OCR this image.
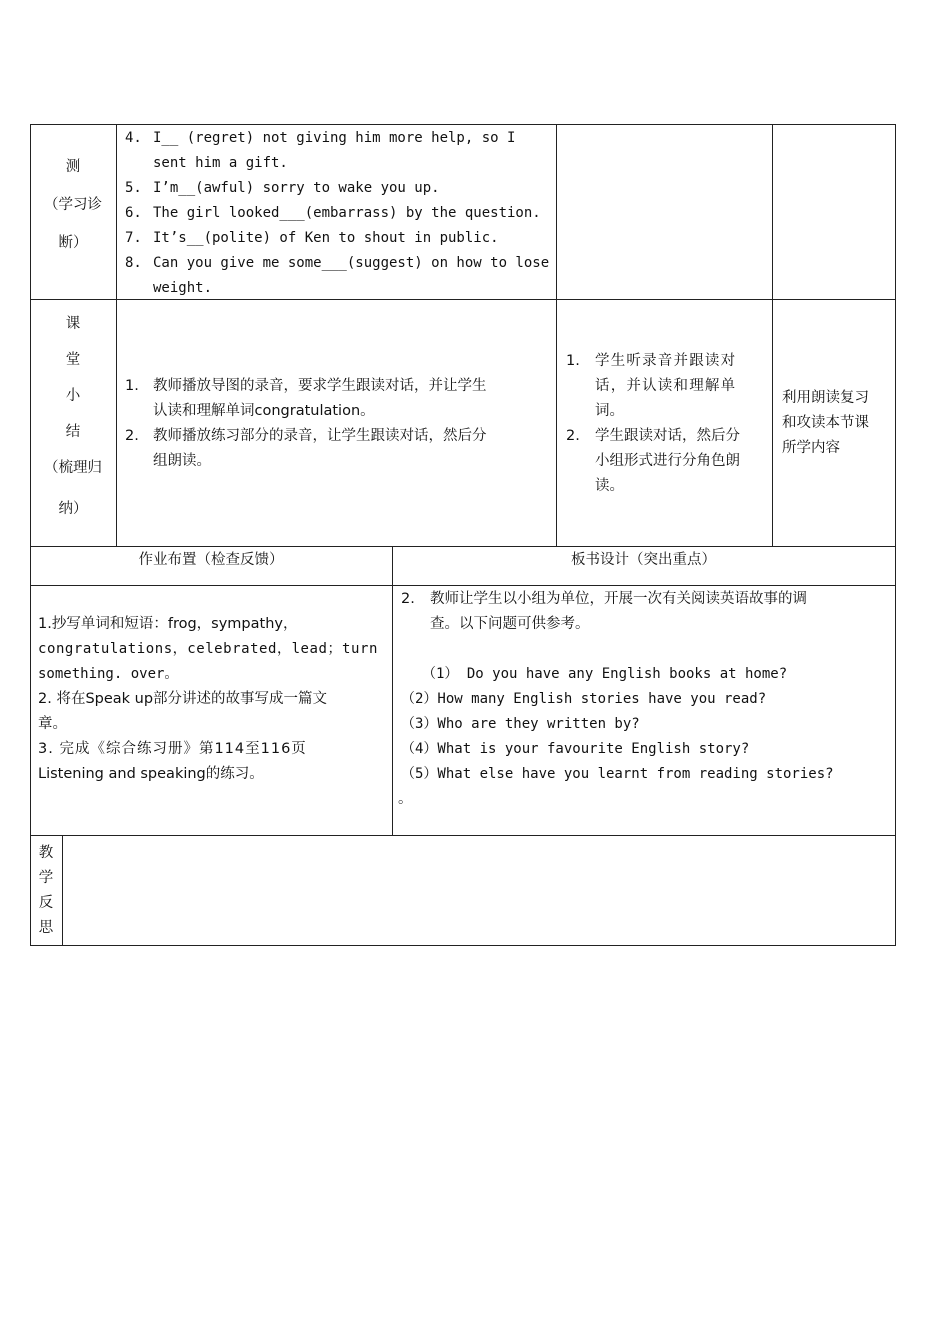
测
（学习诊
断）
4. I__ (regret) not giving him more help, so I
sent him a gift.
5. I’m__(awful) sorry to wake you up.
6. The girl looked___(embarrass) by the question.
7. It’s__(polite) of Ken to shout in public.
8. Can you give me some___(suggest) on how to lose
weight.
课
堂
小
结
（梳理归
纳）
1. 教师播放导图的录音，要求学生跟读对话，并让学生
认读和理解单词congratulation。
2. 教师播放练习部分的录音，让学生跟读对话，然后分
组朗读。
1. 学生听录音并跟读对
话，并认读和理解单
词。
2. 学生跟读对话，然后分
小组形式进行分角色朗
读。
利用朗读复习
和攻读本节课
所学内容
作业布置（检查反馈）	板书设计（突出重点）
1.抄写单词和短语：frog，sympathy，
congratulations，celebrated，lead；turn
something. over。
2. 将在Speak up部分讲述的故事写成一篇文
章。
3. 完成《综合练习册》第114至116页
Listening and speaking的练习。
2. 教师让学生以小组为单位，开展一次有关阅读英语故事的调
查。以下问题可供参考。
（1） Do you have any English books at home?
（2）How many English stories have you read?
（3）Who are they written by?
（4）What is your favourite English story?
（5）What else have you learnt from reading stories?
。
教
学
反
思
